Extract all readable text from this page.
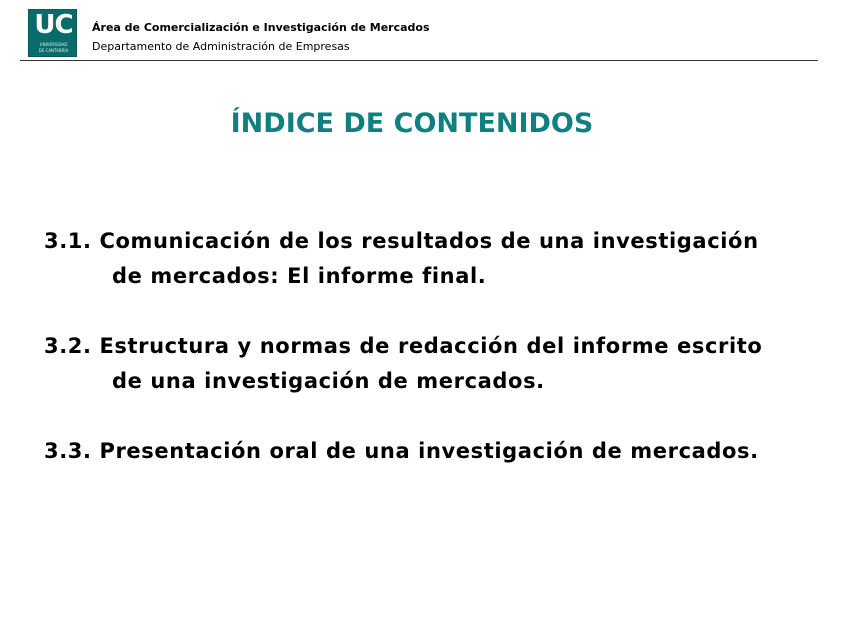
UC
UNIVERSIDAD
DE CANTABRIA
Área de Comercialización e Investigación de Mercados
Departamento de Administración de Empresas
ÍNDICE DE CONTENIDOS
3.1. Comunicación de los resultados de una investigación
de mercados: El informe final.
3.2. Estructura y normas de redacción del informe escrito
de una investigación de mercados.
3.3. Presentación oral de una investigación de mercados.
